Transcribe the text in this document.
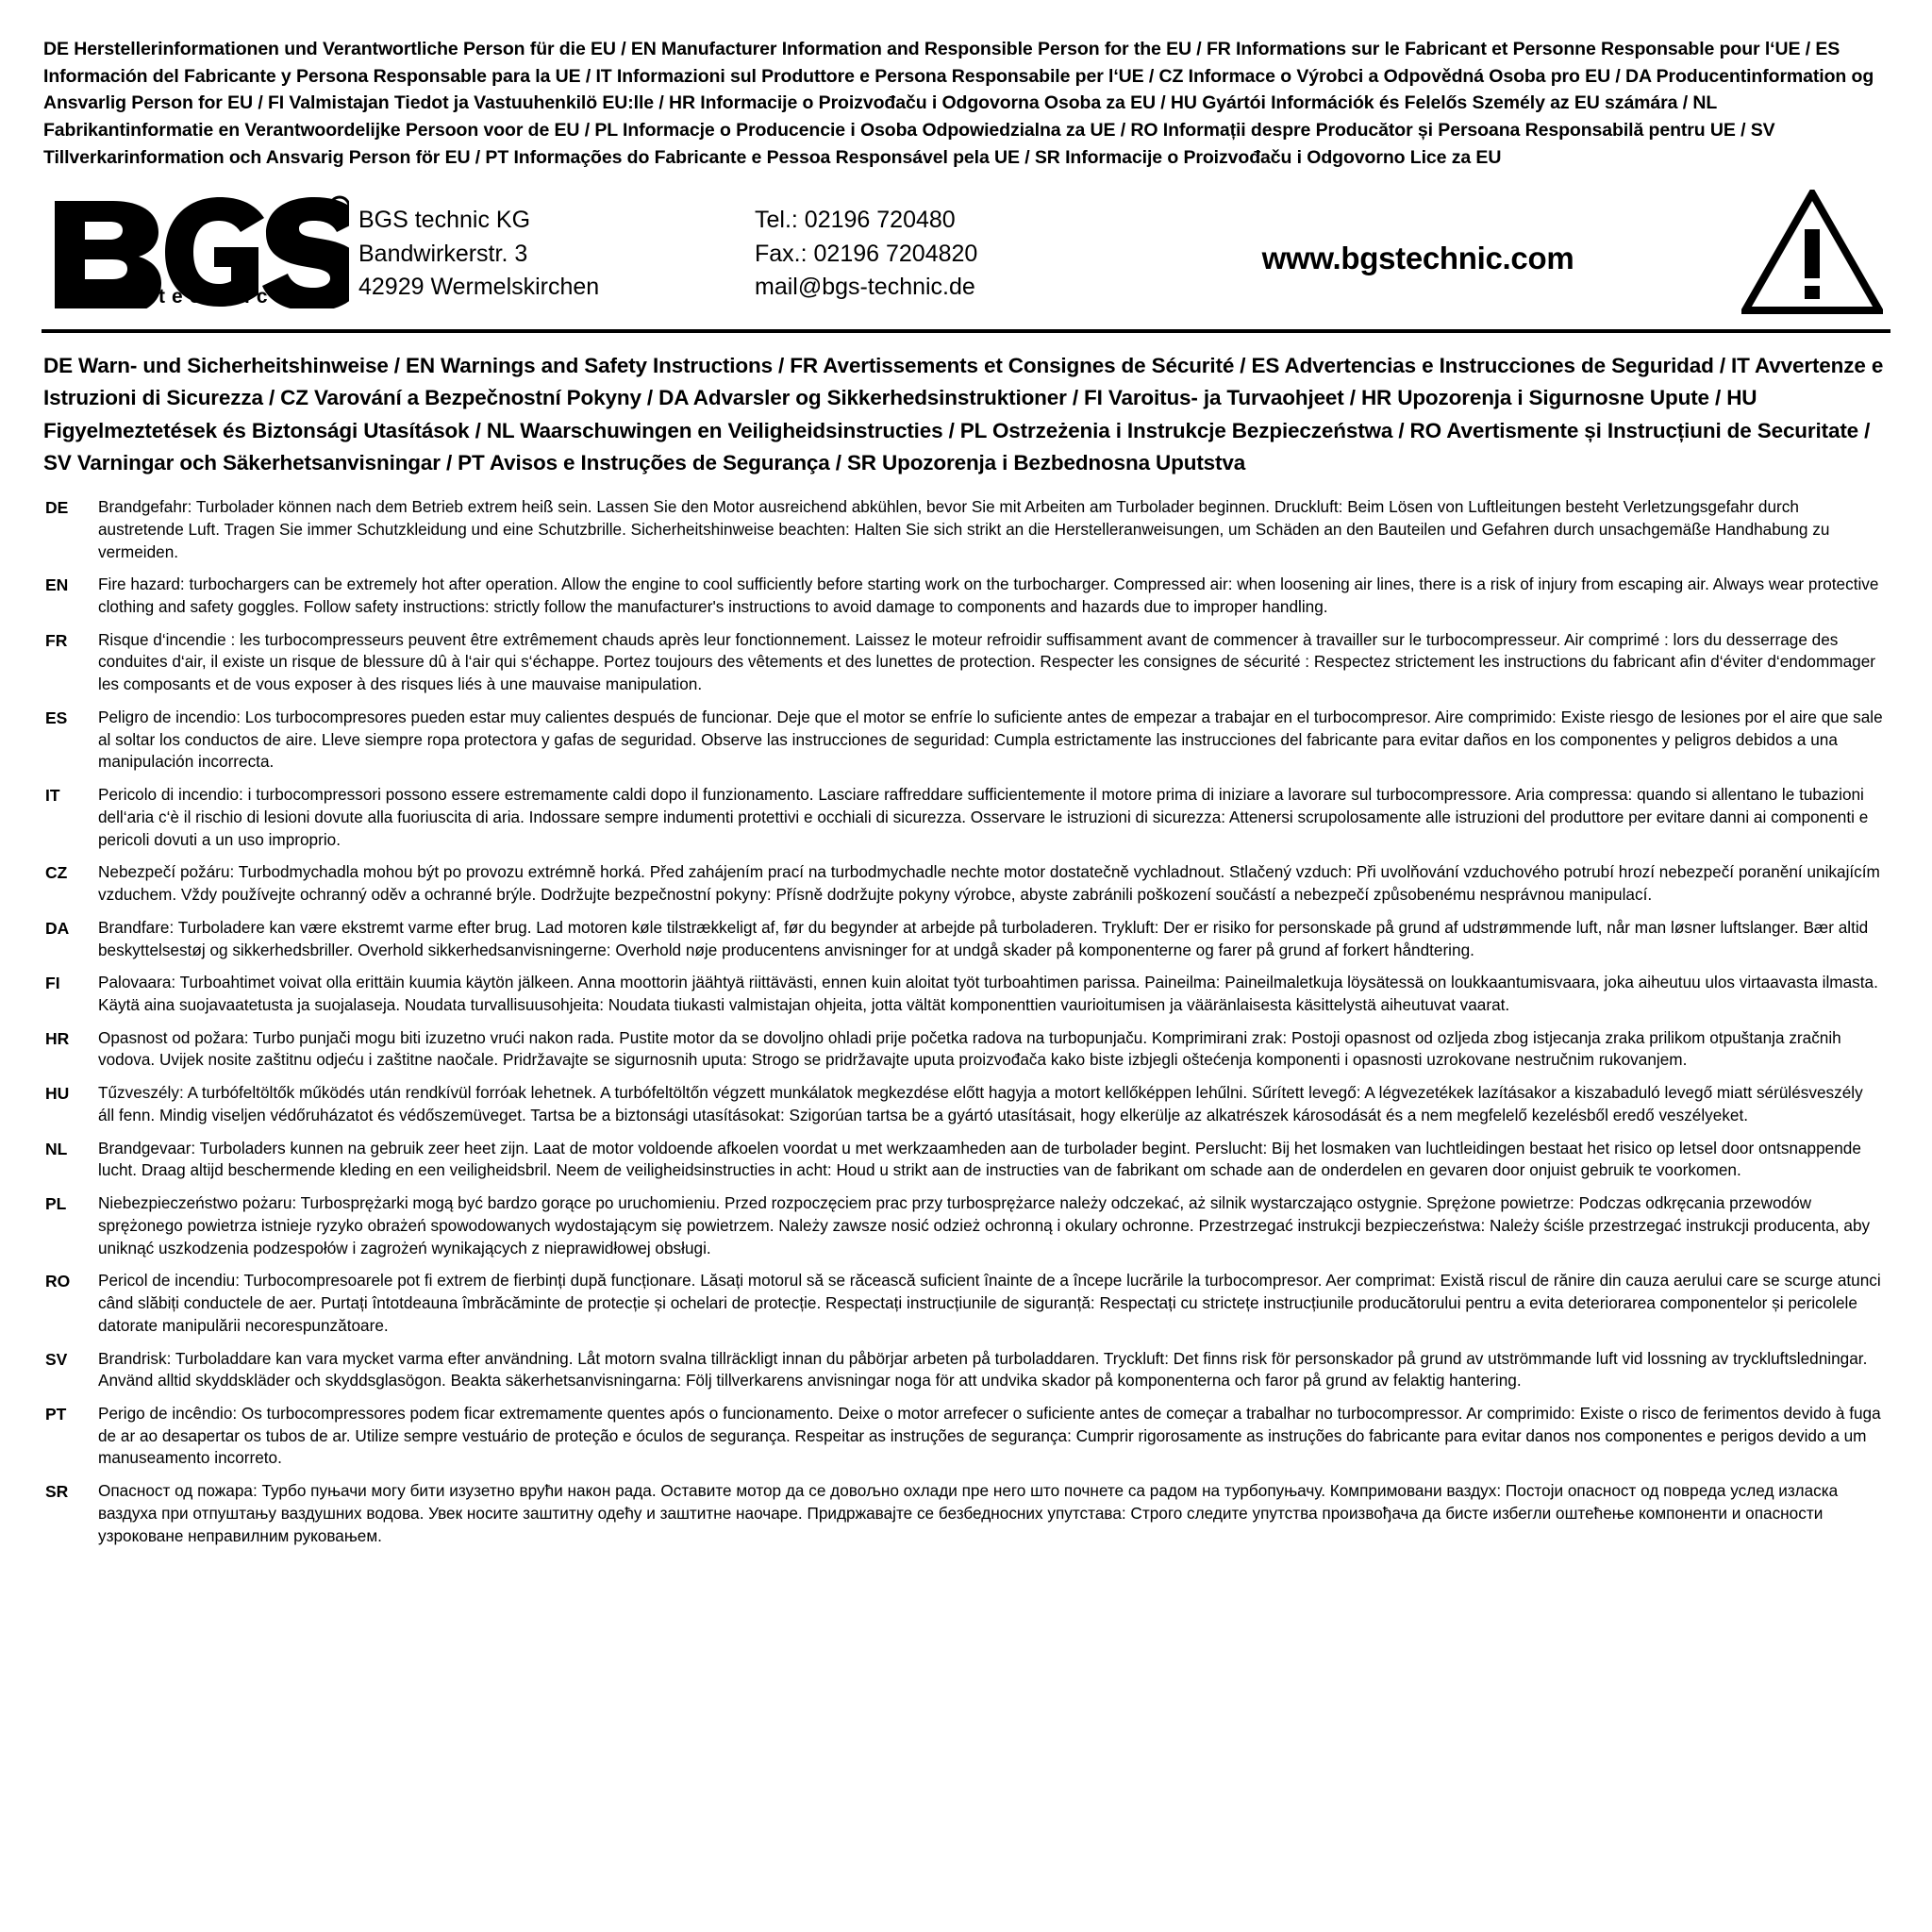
DE Herstellerinformationen und Verantwortliche Person für die EU / EN Manufacturer Information and Responsible Person for the EU / FR Informations sur le Fabricant et Personne Responsable pour l‘UE / ES Información del Fabricante y Persona Responsable para la UE / IT Informazioni sul Produttore e Persona Responsabile per l‘UE / CZ Informace o Výrobci a Odpovědná Osoba pro EU / DA Producentinformation og Ansvarlig Person for EU / FI Valmistajan Tiedot ja Vastuuhenkilö EU:lle / HR Informacije o Proizvođaču i Odgovorna Osoba za EU / HU Gyártói Információk és Felelős Személy az EU számára / NL Fabrikantinformatie en Verantwoordelijke Persoon voor de EU / PL Informacje o Producencie i Osoba Odpowiedzialna za UE / RO Informații despre Producător și Persoana Responsabilă pentru UE / SV Tillverkarinformation och Ansvarig Person för EU / PT Informações do Fabricante e Pessoa Responsável pela UE / SR Informacije o Proizvođaču i Odgovorno Lice za EU
R
technic
BGS technic KG
Bandwirkerstr. 3
42929 Wermelskirchen
Tel.: 02196 720480
Fax.: 02196 7204820
mail@bgs-technic.de
www.bgstechnic.com
DE Warn- und Sicherheitshinweise / EN Warnings and Safety Instructions / FR Avertissements et Consignes de Sécurité / ES Advertencias e Instrucciones de Seguridad / IT Avvertenze e Istruzioni di Sicurezza / CZ Varování a Bezpečnostní Pokyny / DA Advarsler og Sikkerhedsinstruktioner / FI Varoitus- ja Turvaohjeet / HR Upozorenja i Sigurnosne Upute / HU Figyelmeztetések és Biztonsági Utasítások / NL Waarschuwingen en Veiligheidsinstructies / PL Ostrzeżenia i Instrukcje Bezpieczeństwa / RO Avertismente și Instrucțiuni de Securitate / SV Varningar och Säkerhetsanvisningar / PT Avisos e Instruções de Segurança / SR Upozorenja i Bezbednosna Uputstva
DE	Brandgefahr: Turbolader können nach dem Betrieb extrem heiß sein. Lassen Sie den Motor ausreichend abkühlen, bevor Sie mit Arbeiten am Turbolader beginnen. Druckluft: Beim Lösen von Luftleitungen besteht Verletzungsgefahr durch austretende Luft. Tragen Sie immer Schutzkleidung und eine Schutzbrille. Sicherheitshinweise beachten: Halten Sie sich strikt an die Herstelleranweisungen, um Schäden an den Bauteilen und Gefahren durch unsachgemäße Handhabung zu vermeiden.
EN	Fire hazard: turbochargers can be extremely hot after operation. Allow the engine to cool sufficiently before starting work on the turbocharger. Compressed air: when loosening air lines, there is a risk of injury from escaping air. Always wear protective clothing and safety goggles. Follow safety instructions: strictly follow the manufacturer's instructions to avoid damage to components and hazards due to improper handling.
FR	Risque d‘incendie : les turbocompresseurs peuvent être extrêmement chauds après leur fonctionnement. Laissez le moteur refroidir suffisamment avant de commencer à travailler sur le turbocompresseur. Air comprimé : lors du desserrage des conduites d‘air, il existe un risque de blessure dû à l‘air qui s‘échappe. Portez toujours des vêtements et des lunettes de protection. Respecter les consignes de sécurité : Respectez strictement les instructions du fabricant afin d‘éviter d‘endommager les composants et de vous exposer à des risques liés à une mauvaise manipulation.
ES	Peligro de incendio: Los turbocompresores pueden estar muy calientes después de funcionar. Deje que el motor se enfríe lo suficiente antes de empezar a trabajar en el turbocompresor. Aire comprimido: Existe riesgo de lesiones por el aire que sale al soltar los conductos de aire. Lleve siempre ropa protectora y gafas de seguridad. Observe las instrucciones de seguridad: Cumpla estrictamente las instrucciones del fabricante para evitar daños en los componentes y peligros debidos a una manipulación incorrecta.
IT	Pericolo di incendio: i turbocompressori possono essere estremamente caldi dopo il funzionamento. Lasciare raffreddare sufficientemente il motore prima di iniziare a lavorare sul turbocompressore. Aria compressa: quando si allentano le tubazioni dell‘aria c‘è il rischio di lesioni dovute alla fuoriuscita di aria. Indossare sempre indumenti protettivi e occhiali di sicurezza. Osservare le istruzioni di sicurezza: Attenersi scrupolosamente alle istruzioni del produttore per evitare danni ai componenti e pericoli dovuti a un uso improprio.
CZ	Nebezpečí požáru: Turbodmychadla mohou být po provozu extrémně horká. Před zahájením prací na turbodmychadle nechte motor dostatečně vychladnout. Stlačený vzduch: Při uvolňování vzduchového potrubí hrozí nebezpečí poranění unikajícím vzduchem. Vždy používejte ochranný oděv a ochranné brýle. Dodržujte bezpečnostní pokyny: Přísně dodržujte pokyny výrobce, abyste zabránili poškození součástí a nebezpečí způsobenému nesprávnou manipulací.
DA	Brandfare: Turboladere kan være ekstremt varme efter brug. Lad motoren køle tilstrækkeligt af, før du begynder at arbejde på turboladeren. Trykluft: Der er risiko for personskade på grund af udstrømmende luft, når man løsner luftslanger. Bær altid beskyttelsestøj og sikkerhedsbriller. Overhold sikkerhedsanvisningerne: Overhold nøje producentens anvisninger for at undgå skader på komponenterne og farer på grund af forkert håndtering.
FI	Palovaara: Turboahtimet voivat olla erittäin kuumia käytön jälkeen. Anna moottorin jäähtyä riittävästi, ennen kuin aloitat työt turboahtimen parissa. Paineilma: Paineilmaletkuja löysätessä on loukkaantumisvaara, joka aiheutuu ulos virtaavasta ilmasta. Käytä aina suojavaatetusta ja suojalaseja. Noudata turvallisuusohjeita: Noudata tiukasti valmistajan ohjeita, jotta vältät komponenttien vaurioitumisen ja vääränlaisesta käsittelystä aiheutuvat vaarat.
HR	Opasnost od požara: Turbo punjači mogu biti izuzetno vrući nakon rada. Pustite motor da se dovoljno ohladi prije početka radova na turbopunjaču. Komprimirani zrak: Postoji opasnost od ozljeda zbog istjecanja zraka prilikom otpuštanja zračnih vodova. Uvijek nosite zaštitnu odjeću i zaštitne naočale. Pridržavajte se sigurnosnih uputa: Strogo se pridržavajte uputa proizvođača kako biste izbjegli oštećenja komponenti i opasnosti uzrokovane nestručnim rukovanjem.
HU	Tűzveszély: A turbófeltöltők működés után rendkívül forróak lehetnek. A turbófeltöltőn végzett munkálatok megkezdése előtt hagyja a motort kellőképpen lehűlni. Sűrített levegő: A légvezetékek lazításakor a kiszabaduló levegő miatt sérülésveszély áll fenn. Mindig viseljen védőruházatot és védőszemüveget. Tartsa be a biztonsági utasításokat: Szigorúan tartsa be a gyártó utasításait, hogy elkerülje az alkatrészek károsodását és a nem megfelelő kezelésből eredő veszélyeket.
NL	Brandgevaar: Turboladers kunnen na gebruik zeer heet zijn. Laat de motor voldoende afkoelen voordat u met werkzaamheden aan de turbolader begint. Perslucht: Bij het losmaken van luchtleidingen bestaat het risico op letsel door ontsnappende lucht. Draag altijd beschermende kleding en een veiligheidsbril. Neem de veiligheidsinstructies in acht: Houd u strikt aan de instructies van de fabrikant om schade aan de onderdelen en gevaren door onjuist gebruik te voorkomen.
PL	Niebezpieczeństwo pożaru: Turbosprężarki mogą być bardzo gorące po uruchomieniu. Przed rozpoczęciem prac przy turbosprężarce należy odczekać, aż silnik wystarczająco ostygnie. Sprężone powietrze: Podczas odkręcania przewodów sprężonego powietrza istnieje ryzyko obrażeń spowodowanych wydostającym się powietrzem. Należy zawsze nosić odzież ochronną i okulary ochronne. Przestrzegać instrukcji bezpieczeństwa: Należy ściśle przestrzegać instrukcji producenta, aby uniknąć uszkodzenia podzespołów i zagrożeń wynikających z nieprawidłowej obsługi.
RO	Pericol de incendiu: Turbocompresoarele pot fi extrem de fierbinți după funcționare. Lăsați motorul să se răcească suficient înainte de a începe lucrările la turbocompresor. Aer comprimat: Există riscul de rănire din cauza aerului care se scurge atunci când slăbiți conductele de aer. Purtați întotdeauna îmbrăcăminte de protecție și ochelari de protecție. Respectați instrucțiunile de siguranță: Respectați cu strictețe instrucțiunile producătorului pentru a evita deteriorarea componentelor și pericolele datorate manipulării necorespunzătoare.
SV	Brandrisk: Turboladdare kan vara mycket varma efter användning. Låt motorn svalna tillräckligt innan du påbörjar arbeten på turboladdaren. Tryckluft: Det finns risk för personskador på grund av utströmmande luft vid lossning av tryckluftsledningar. Använd alltid skyddskläder och skyddsglasögon. Beakta säkerhetsanvisningarna: Följ tillverkarens anvisningar noga för att undvika skador på komponenterna och faror på grund av felaktig hantering.
PT	Perigo de incêndio: Os turbocompressores podem ficar extremamente quentes após o funcionamento. Deixe o motor arrefecer o suficiente antes de começar a trabalhar no turbocompressor. Ar comprimido: Existe o risco de ferimentos devido à fuga de ar ao desapertar os tubos de ar. Utilize sempre vestuário de proteção e óculos de segurança. Respeitar as instruções de segurança: Cumprir rigorosamente as instruções do fabricante para evitar danos nos componentes e perigos devido a um manuseamento incorreto.
SR	Опасност од пожара: Турбо пуњачи могу бити изузетно врући након рада. Оставите мотор да се довољно охлади пре него што почнете са радом на турбопуњачу. Компримовани ваздух: Постоји опасност од повреда услед изласка ваздуха при отпуштању ваздушних водова. Увек носите заштитну одећу и заштитне наочаре. Придржавајте се безбедносних упутстава: Строго следите упутства произвођача да бисте избегли оштећење компоненти и опасности узроковане неправилним руковањем.
